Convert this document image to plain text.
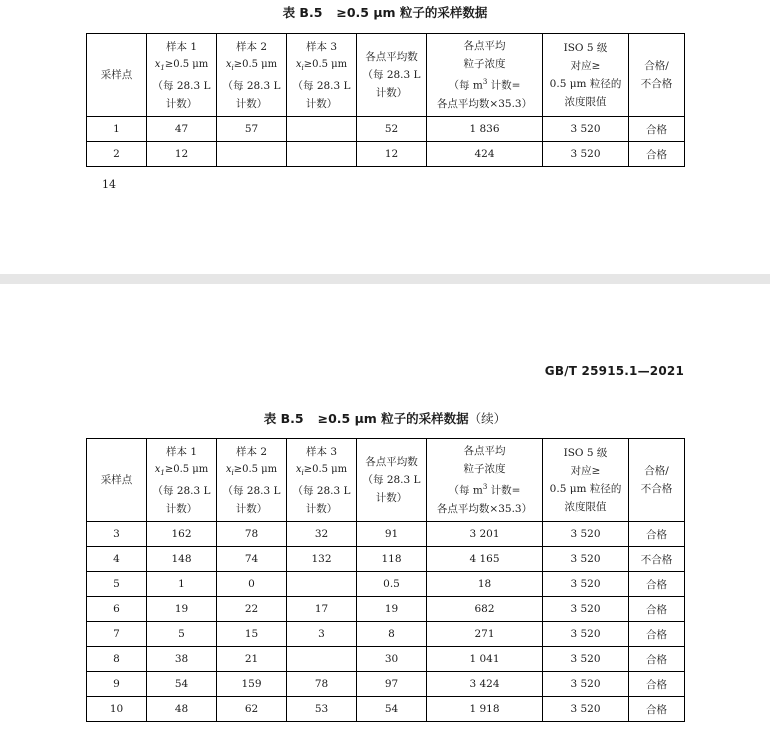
表 B.5 ≥0.5 μm 粒子的采样数据
采样点	样本 1
$x_1\ge 0.5$ μm
（每 28.3 L
计数）	样本 2
$x_i\ge 0.5$ μm
（每 28.3 L
计数）	样本 3
$x_i\ge 0.5$ μm
（每 28.3 L
计数）	各点平均数
（每 28.3 L
计数）	各点平均
粒子浓度
（每 $m^3$ 计数=
各点平均数×35.3）	ISO 5 级
对应≥
0.5 μm 粒径的
浓度限值	合格/
不合格

1	47	57		52	1 836	3 520	合格
2	12			12	424	3 520	合格
14
GB/T 25915.1—2021
表 B.5 ≥0.5 μm 粒子的采样数据（续）
采样点	样本 1
$x_1\ge 0.5$ μm
（每 28.3 L
计数）	样本 2
$x_i\ge 0.5$ μm
（每 28.3 L
计数）	样本 3
$x_i\ge 0.5$ μm
（每 28.3 L
计数）	各点平均数
（每 28.3 L
计数）	各点平均
粒子浓度
（每 $m^3$ 计数=
各点平均数×35.3）	ISO 5 级
对应≥
0.5 μm 粒径的
浓度限值	合格/
不合格

3	162	78	32	91	3 201	3 520	合格
4	148	74	132	118	4 165	3 520	不合格
5	1	0		0.5	18	3 520	合格
6	19	22	17	19	682	3 520	合格
7	5	15	3	8	271	3 520	合格
8	38	21		30	1 041	3 520	合格
9	54	159	78	97	3 424	3 520	合格
10	48	62	53	54	1 918	3 520	合格
